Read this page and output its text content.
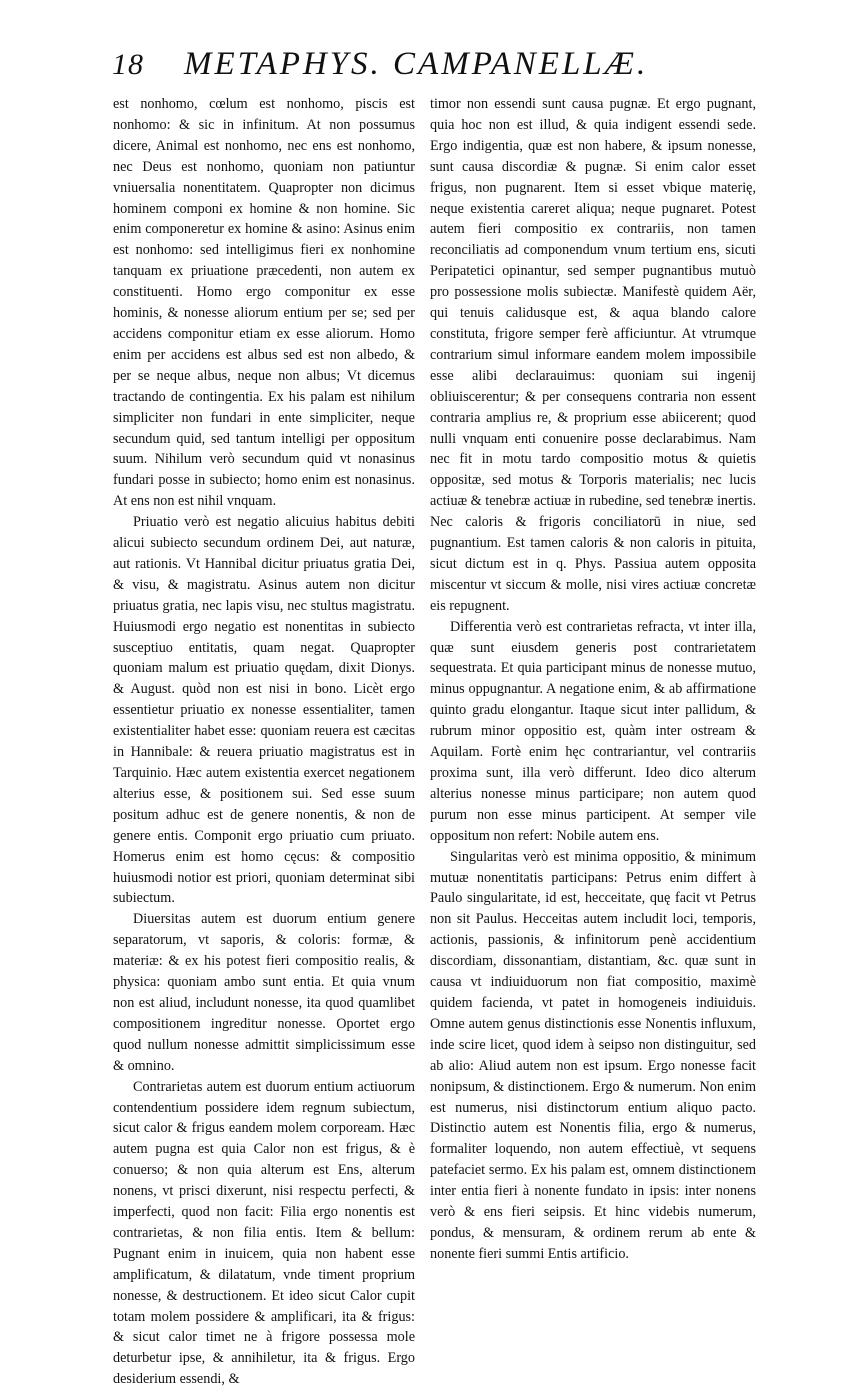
18 METAPHYS. CAMPANELLÆ.

est nonhomo, cœlum est nonhomo, piscis est nonhomo: & sic in infinitum. At non possumus dicere, Animal est nonhomo, nec ens est nonhomo, nec Deus est nonhomo, quoniam non patiuntur vniuersalia nonentitatem. Quapropter non dicimus hominem componi ex homine & non homine. Sic enim componeretur ex homine & asino: Asinus enim est nonhomo: sed intelligimus fieri ex nonhomine tanquam ex priuatione præcedenti, non autem ex constituenti. Homo ergo componitur ex esse hominis, & nonesse aliorum entium per se; sed per accidens componitur etiam ex esse aliorum. Homo enim per accidens est albus sed est non albedo, & per se neque albus, neque non albus; Vt dicemus tractando de contingentia. Ex his palam est nihilum simpliciter non fundari in ente simpliciter, neque secundum quid, sed tantum intelligi per oppositum suum. Nihilum verò secundum quid vt nonasinus fundari posse in subiecto; homo enim est nonasinus. At ens non est nihil vnquam.

Priuatio verò est negatio alicuius habitus debiti alicui subiecto secundum ordinem Dei, aut naturæ, aut rationis. Vt Hannibal dicitur priuatus gratia Dei, & visu, & magistratu. Asinus autem non dicitur priuatus gratia, nec lapis visu, nec stultus magistratu. Huiusmodi ergo negatio est nonentitas in subiecto susceptiuo entitatis, quam negat. Quapropter quoniam malum est priuatio quędam, dixit Dionys. & August. quòd non est nisi in bono. Licèt ergo essentietur priuatio ex nonesse essentialiter, tamen existentialiter habet esse: quoniam reuera est cæcitas in Hannibale: & reuera priuatio magistratus est in Tarquinio. Hæc autem existentia exercet negationem alterius esse, & positionem sui. Sed esse suum positum adhuc est de genere nonentis, & non de genere entis. Componit ergo priuatio cum priuato. Homerus enim est homo cęcus: & compositio huiusmodi notior est priori, quoniam determinat sibi subiectum.

Diuersitas autem est duorum entium genere separatorum, vt saporis, & coloris: formæ, & materiæ: & ex his potest fieri compositio realis, & physica: quoniam ambo sunt entia. Et quia vnum non est aliud, includunt nonesse, ita quod quamlibet compositionem ingreditur nonesse. Oportet ergo quod nullum nonesse admittit simplicissimum esse & omnino.

Contrarietas autem est duorum entium actiuorum contendentium possidere idem regnum subiectum, sicut calor & frigus eandem molem corpoream. Hæc autem pugna est quia Calor non est frigus, & è conuerso; & non quia alterum est Ens, alterum nonens, vt prisci dixerunt, nisi respectu perfecti, & imperfecti, quod non facit: Filia ergo nonentis est contrarietas, & non filia entis. Item & bellum: Pugnant enim in inuicem, quia non habent esse amplificatum, & dilatatum, vnde timent proprium nonesse, & destructionem. Et ideo sicut Calor cupit totam molem possidere & amplificari, ita & frigus: & sicut calor timet ne à frigore possessa mole deturbetur ipse, & annihiletur, ita & frigus. Ergo desiderium essendi, &

timor non essendi sunt causa pugnæ. Et ergo pugnant, quia hoc non est illud, & quia indigent essendi sede. Ergo indigentia, quæ est non habere, & ipsum nonesse, sunt causa discordiæ & pugnæ. Si enim calor esset frigus, non pugnarent. Item si esset vbique materię, neque existentia careret aliqua; neque pugnaret. Potest autem fieri compositio ex contrariis, non tamen reconciliatis ad componendum vnum tertium ens, sicuti Peripatetici opinantur, sed semper pugnantibus mutuò pro possessione molis subiectæ. Manifestè quidem Aër, qui tenuis calidusque est, & aqua blando calore constituta, frigore semper ferè afficiuntur. At vtrumque contrarium simul informare eandem molem impossibile esse alibi declarauimus: quoniam sui ingenij obliuiscerentur; & per consequens contraria non essent contraria amplius re, & proprium esse abiicerent; quod nulli vnquam enti conuenire posse declarabimus. Nam nec fit in motu tardo compositio motus & quietis oppositæ, sed motus & Torporis materialis; nec lucis actiuæ & tenebræ actiuæ in rubedine, sed tenebræ inertis. Nec caloris & frigoris conciliatorū in niue, sed pugnantium. Est tamen caloris & non caloris in pituita, sicut dictum est in q. Phys. Passiua autem opposita miscentur vt siccum & molle, nisi vires actiuæ concretæ eis repugnent.

Differentia verò est contrarietas refracta, vt inter illa, quæ sunt eiusdem generis post contrarietatem sequestrata. Et quia participant minus de nonesse mutuo, minus oppugnantur. A negatione enim, & ab affirmatione quinto gradu elongantur. Itaque sicut inter pallidum, & rubrum minor oppositio est, quàm inter ostream & Aquilam. Fortè enim hęc contrariantur, vel contrariis proxima sunt, illa verò differunt. Ideo dico alterum alterius nonesse minus participare; non autem quod purum non esse minus participent. At semper vile oppositum non refert: Nobile autem ens.

Singularitas verò est minima oppositio, & minimum mutuæ nonentitatis participans: Petrus enim differt à Paulo singularitate, id est, hecceitate, quę facit vt Petrus non sit Paulus. Hecceitas autem includit loci, temporis, actionis, passionis, & infinitorum penè accidentium discordiam, dissonantiam, distantiam, &c. quæ sunt in causa vt indiuiduorum non fiat compositio, maximè quidem facienda, vt patet in homogeneis indiuiduis. Omne autem genus distinctionis esse Nonentis influxum, inde scire licet, quod idem à seipso non distinguitur, sed ab alio: Aliud autem non est ipsum. Ergo nonesse facit nonipsum, & distinctionem. Ergo & numerum. Non enim est numerus, nisi distinctorum entium aliquo pacto. Distinctio autem est Nonentis filia, ergo & numerus, formaliter loquendo, non autem effectiuè, vt sequens patefaciet sermo. Ex his palam est, omnem distinctionem inter entia fieri à nonente fundato in ipsis: inter nonens verò & ens fieri seipsis. Et hinc videbis numerum, pondus, & mensuram, & ordinem rerum ab ente & nonente fieri summi Entis artificio.
